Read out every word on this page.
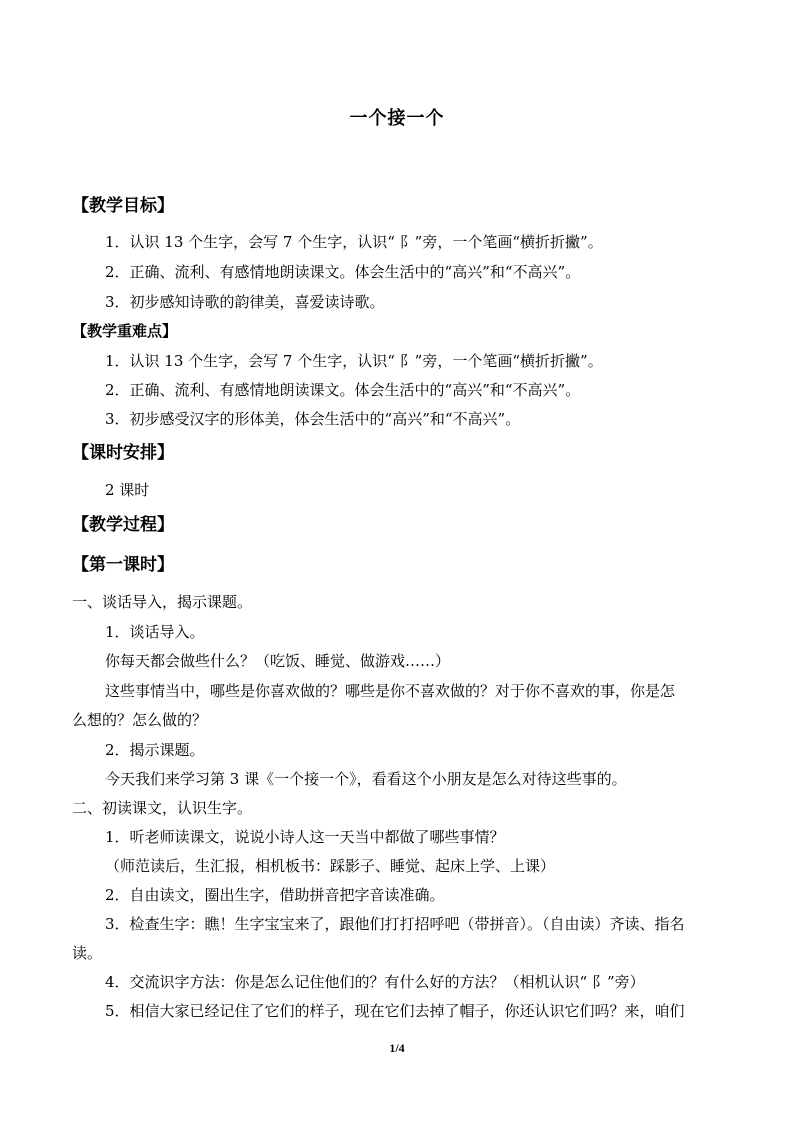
一个接一个
【教学目标】
1．认识 13 个生字，会写 7 个生字，认识“ 阝”旁，一个笔画“横折折撇”。
2．正确、流利、有感情地朗读课文。体会生活中的“高兴”和“不高兴”。
3．初步感知诗歌的韵律美，喜爱读诗歌。
【教学重难点】
1．认识 13 个生字，会写 7 个生字，认识“ 阝”旁，一个笔画“横折折撇”。
2．正确、流利、有感情地朗读课文。体会生活中的“高兴”和“不高兴”。
3．初步感受汉字的形体美，体会生活中的“高兴”和“不高兴”。
【课时安排】
2 课时
【教学过程】
【第一课时】
一、谈话导入，揭示课题。
1．谈话导入。
你每天都会做些什么？（吃饭、睡觉、做游戏……）
这些事情当中，哪些是你喜欢做的？哪些是你不喜欢做的？对于你不喜欢的事，你是怎
么想的？怎么做的？
2．揭示课题。
今天我们来学习第 3 课《一个接一个》，看看这个小朋友是怎么对待这些事的。
二、初读课文，认识生字。
1．听老师读课文，说说小诗人这一天当中都做了哪些事情？
（师范读后，生汇报，相机板书：踩影子、睡觉、起床上学、上课）
2．自由读文，圈出生字，借助拼音把字音读准确。
3．检查生字：瞧！生字宝宝来了，跟他们打打招呼吧（带拼音）。（自由读）齐读、指名
读。
4．交流识字方法：你是怎么记住他们的？有什么好的方法？（相机认识“ 阝”旁）
5．相信大家已经记住了它们的样子，现在它们去掉了帽子，你还认识它们吗？来，咱们
1/4
